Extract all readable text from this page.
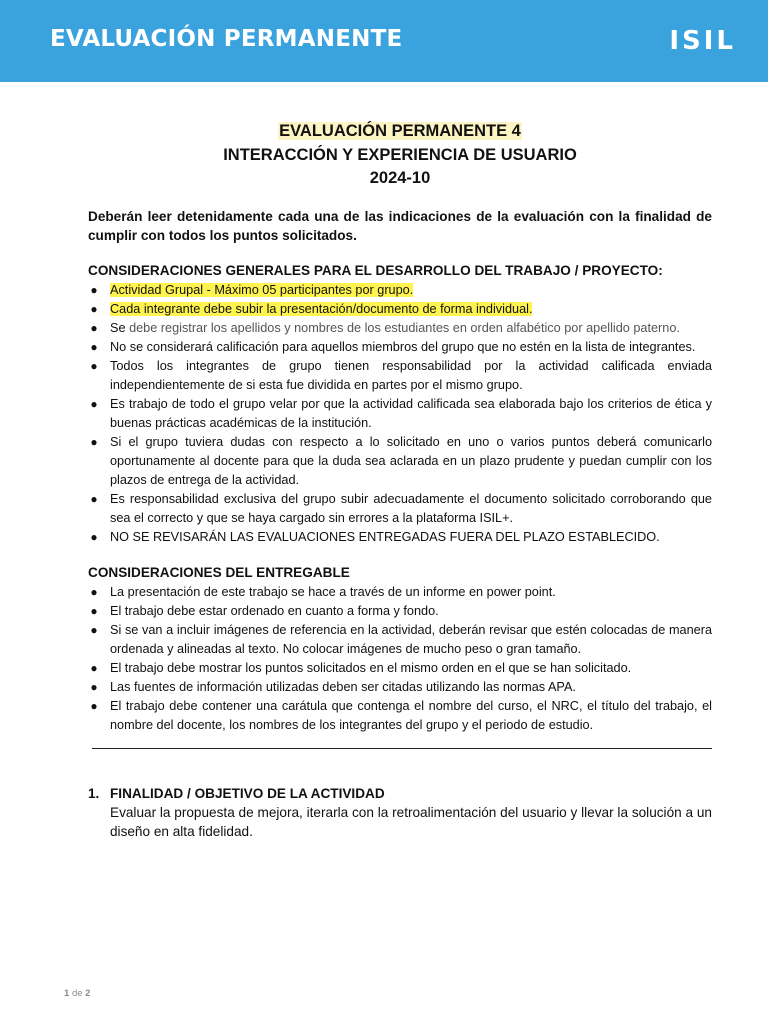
EVALUACIÓN PERMANENTE	ISIL
EVALUACIÓN PERMANENTE 4
INTERACCIÓN Y EXPERIENCIA DE USUARIO
2024-10

Deberán leer detenidamente cada una de las indicaciones de la evaluación con la finalidad de cumplir con todos los puntos solicitados.

CONSIDERACIONES GENERALES PARA EL DESARROLLO DEL TRABAJO / PROYECTO:
● Actividad Grupal - Máximo 05 participantes por grupo.
● Cada integrante debe subir la presentación/documento de forma individual.
● Se debe registrar los apellidos y nombres de los estudiantes en orden alfabético por apellido paterno.
● No se considerará calificación para aquellos miembros del grupo que no estén en la lista de integrantes.
● Todos los integrantes de grupo tienen responsabilidad por la actividad calificada enviada independientemente de si esta fue dividida en partes por el mismo grupo.
● Es trabajo de todo el grupo velar por que la actividad calificada sea elaborada bajo los criterios de ética y buenas prácticas académicas de la institución.
● Si el grupo tuviera dudas con respecto a lo solicitado en uno o varios puntos deberá comunicarlo oportunamente al docente para que la duda sea aclarada en un plazo prudente y puedan cumplir con los plazos de entrega de la actividad.
● Es responsabilidad exclusiva del grupo subir adecuadamente el documento solicitado corroborando que sea el correcto y que se haya cargado sin errores a la plataforma ISIL+.
● NO SE REVISARÁN LAS EVALUACIONES ENTREGADAS FUERA DEL PLAZO ESTABLECIDO.
CONSIDERACIONES DEL ENTREGABLE
● La presentación de este trabajo se hace a través de un informe en power point.
● El trabajo debe estar ordenado en cuanto a forma y fondo.
● Si se van a incluir imágenes de referencia en la actividad, deberán revisar que estén colocadas de manera ordenada y alineadas al texto. No colocar imágenes de mucho peso o gran tamaño.
● El trabajo debe mostrar los puntos solicitados en el mismo orden en el que se han solicitado.
● Las fuentes de información utilizadas deben ser citadas utilizando las normas APA.
● El trabajo debe contener una carátula que contenga el nombre del curso, el NRC, el título del trabajo, el nombre del docente, los nombres de los integrantes del grupo y el periodo de estudio.
1. FINALIDAD / OBJETIVO DE LA ACTIVIDAD
Evaluar la propuesta de mejora, iterarla con la retroalimentación del usuario y llevar la solución a un diseño en alta fidelidad.
1 de 2
